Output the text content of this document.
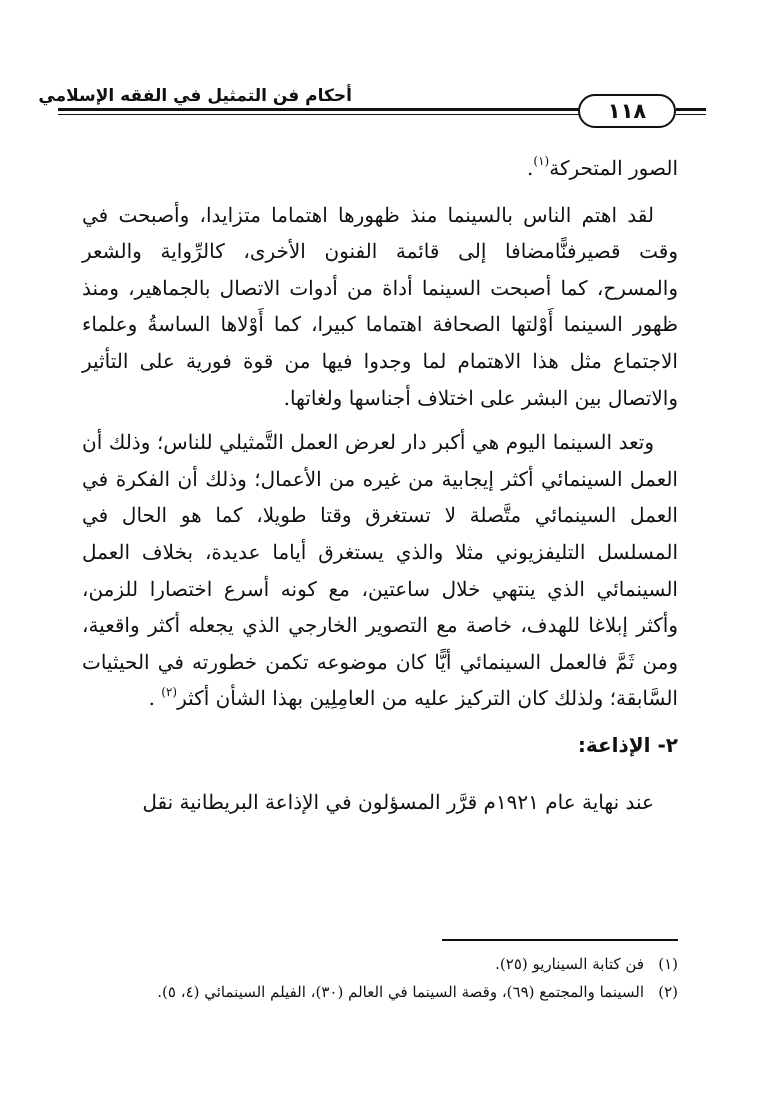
أحكام فن التمثيل في الفقه الإسلامي
١١٨

الصور المتحركة$^{(١)}$.

لقد اهتم الناس بالسينما منذ ظهورها اهتماما متزايدا، وأصبحت في وقت قصيرفنًّامضافا إلى قائمة الفنون الأخرى، كالرِّواية والشعر والمسرح، كما أصبحت السينما أداة من أدوات الاتصال بالجماهير، ومنذ ظهور السينما أَوْلتها الصحافة اهتماما كبيرا، كما أَوْلاها الساسةُ وعلماء الاجتماع مثل هذا الاهتمام لما وجدوا فيها من قوة فورية على التأثير والاتصال بين البشر على اختلاف أجناسها ولغاتها.

وتعد السينما اليوم هي أكبر دار لعرض العمل التَّمثيلي للناس؛ وذلك أن العمل السينمائي أكثر إيجابية من غيره من الأعمال؛ وذلك أن الفكرة في العمل السينمائي متَّصلة لا تستغرق وقتا طويلا، كما هو الحال في المسلسل التليفزيوني مثلا والذي يستغرق أياما عديدة، بخلاف العمل السينمائي الذي ينتهي خلال ساعتين، مع كونه أسرع اختصارا للزمن، وأكثر إبلاغا للهدف، خاصة مع التصوير الخارجي الذي يجعله أكثر واقعية، ومن ثَمَّ فالعمل السينمائي أيًّا كان موضوعه تكمن خطورته في الحيثيات السَّابقة؛ ولذلك كان التركيز عليه من العامِلِين بهذا الشأن أكثر$^{(٢)}$ .

٢- الإذاعة:

عند نهاية عام ١٩٢١م قرَّر المسؤلون في الإذاعة البريطانية نقل

(١)
فن كتابة السيناريو (٢٥).

(٢)
السينما والمجتمع (٦٩)، وقصة السينما في العالم (٣٠)، الفيلم السينمائي (٤، ٥).
